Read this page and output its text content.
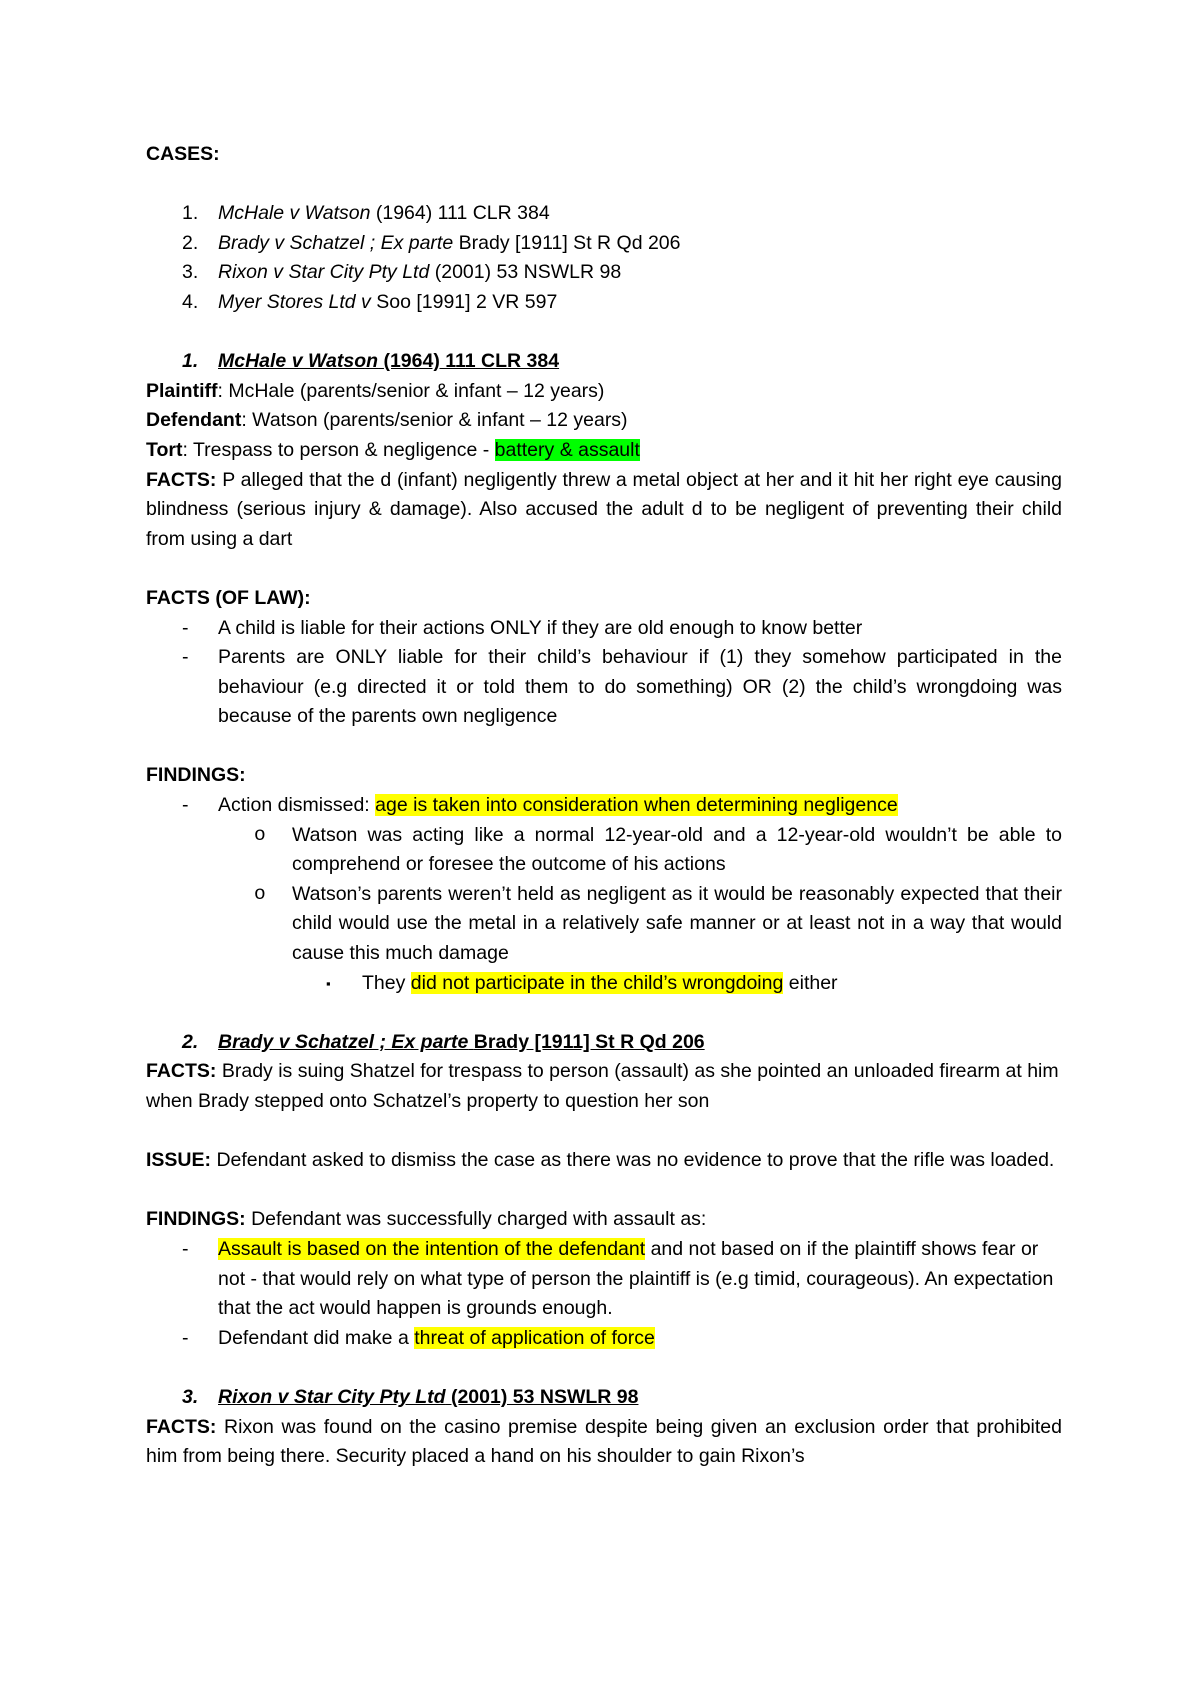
CASES:

1.	McHale v Watson (1964) 111 CLR 384
2.	Brady v Schatzel ; Ex parte Brady [1911] St R Qd 206
3.	Rixon v Star City Pty Ltd (2001) 53 NSWLR 98
4.	Myer Stores Ltd v Soo [1991] 2 VR 597
1.	McHale v Watson (1964) 111 CLR 384

Plaintiff: McHale (parents/senior & infant – 12 years)

Defendant: Watson (parents/senior & infant – 12 years)

Tort: Trespass to person & negligence - battery & assault

FACTS: P alleged that the d (infant) negligently threw a metal object at her and it hit her right eye causing blindness (serious injury & damage). Also accused the adult d to be negligent of preventing their child from using a dart

FACTS (OF LAW):

-	A child is liable for their actions ONLY if they are old enough to know better
-	Parents are ONLY liable for their child’s behaviour if (1) they somehow participated in the behaviour (e.g directed it or told them to do something) OR (2) the child’s wrongdoing was because of the parents own negligence

FINDINGS:

-	Action dismissed: age is taken into consideration when determining negligence
o	Watson was acting like a normal 12-year-old and a 12-year-old wouldn’t be able to comprehend or foresee the outcome of his actions
o	Watson’s parents weren’t held as negligent as it would be reasonably expected that their child would use the metal in a relatively safe manner or at least not in a way that would cause this much damage
▪	They did not participate in the child’s wrongdoing either
2.	Brady v Schatzel ; Ex parte Brady [1911] St R Qd 206

FACTS: Brady is suing Shatzel for trespass to person (assault) as she pointed an unloaded firearm at him when Brady stepped onto Schatzel’s property to question her son

ISSUE: Defendant asked to dismiss the case as there was no evidence to prove that the rifle was loaded.

FINDINGS: Defendant was successfully charged with assault as:

-	Assault is based on the intention of the defendant and not based on if the plaintiff shows fear or not - that would rely on what type of person the plaintiff is (e.g timid, courageous). An expectation that the act would happen is grounds enough.
-	Defendant did make a threat of application of force
3.	Rixon v Star City Pty Ltd (2001) 53 NSWLR 98

FACTS: Rixon was found on the casino premise despite being given an exclusion order that prohibited him from being there. Security placed a hand on his shoulder to gain Rixon’s
